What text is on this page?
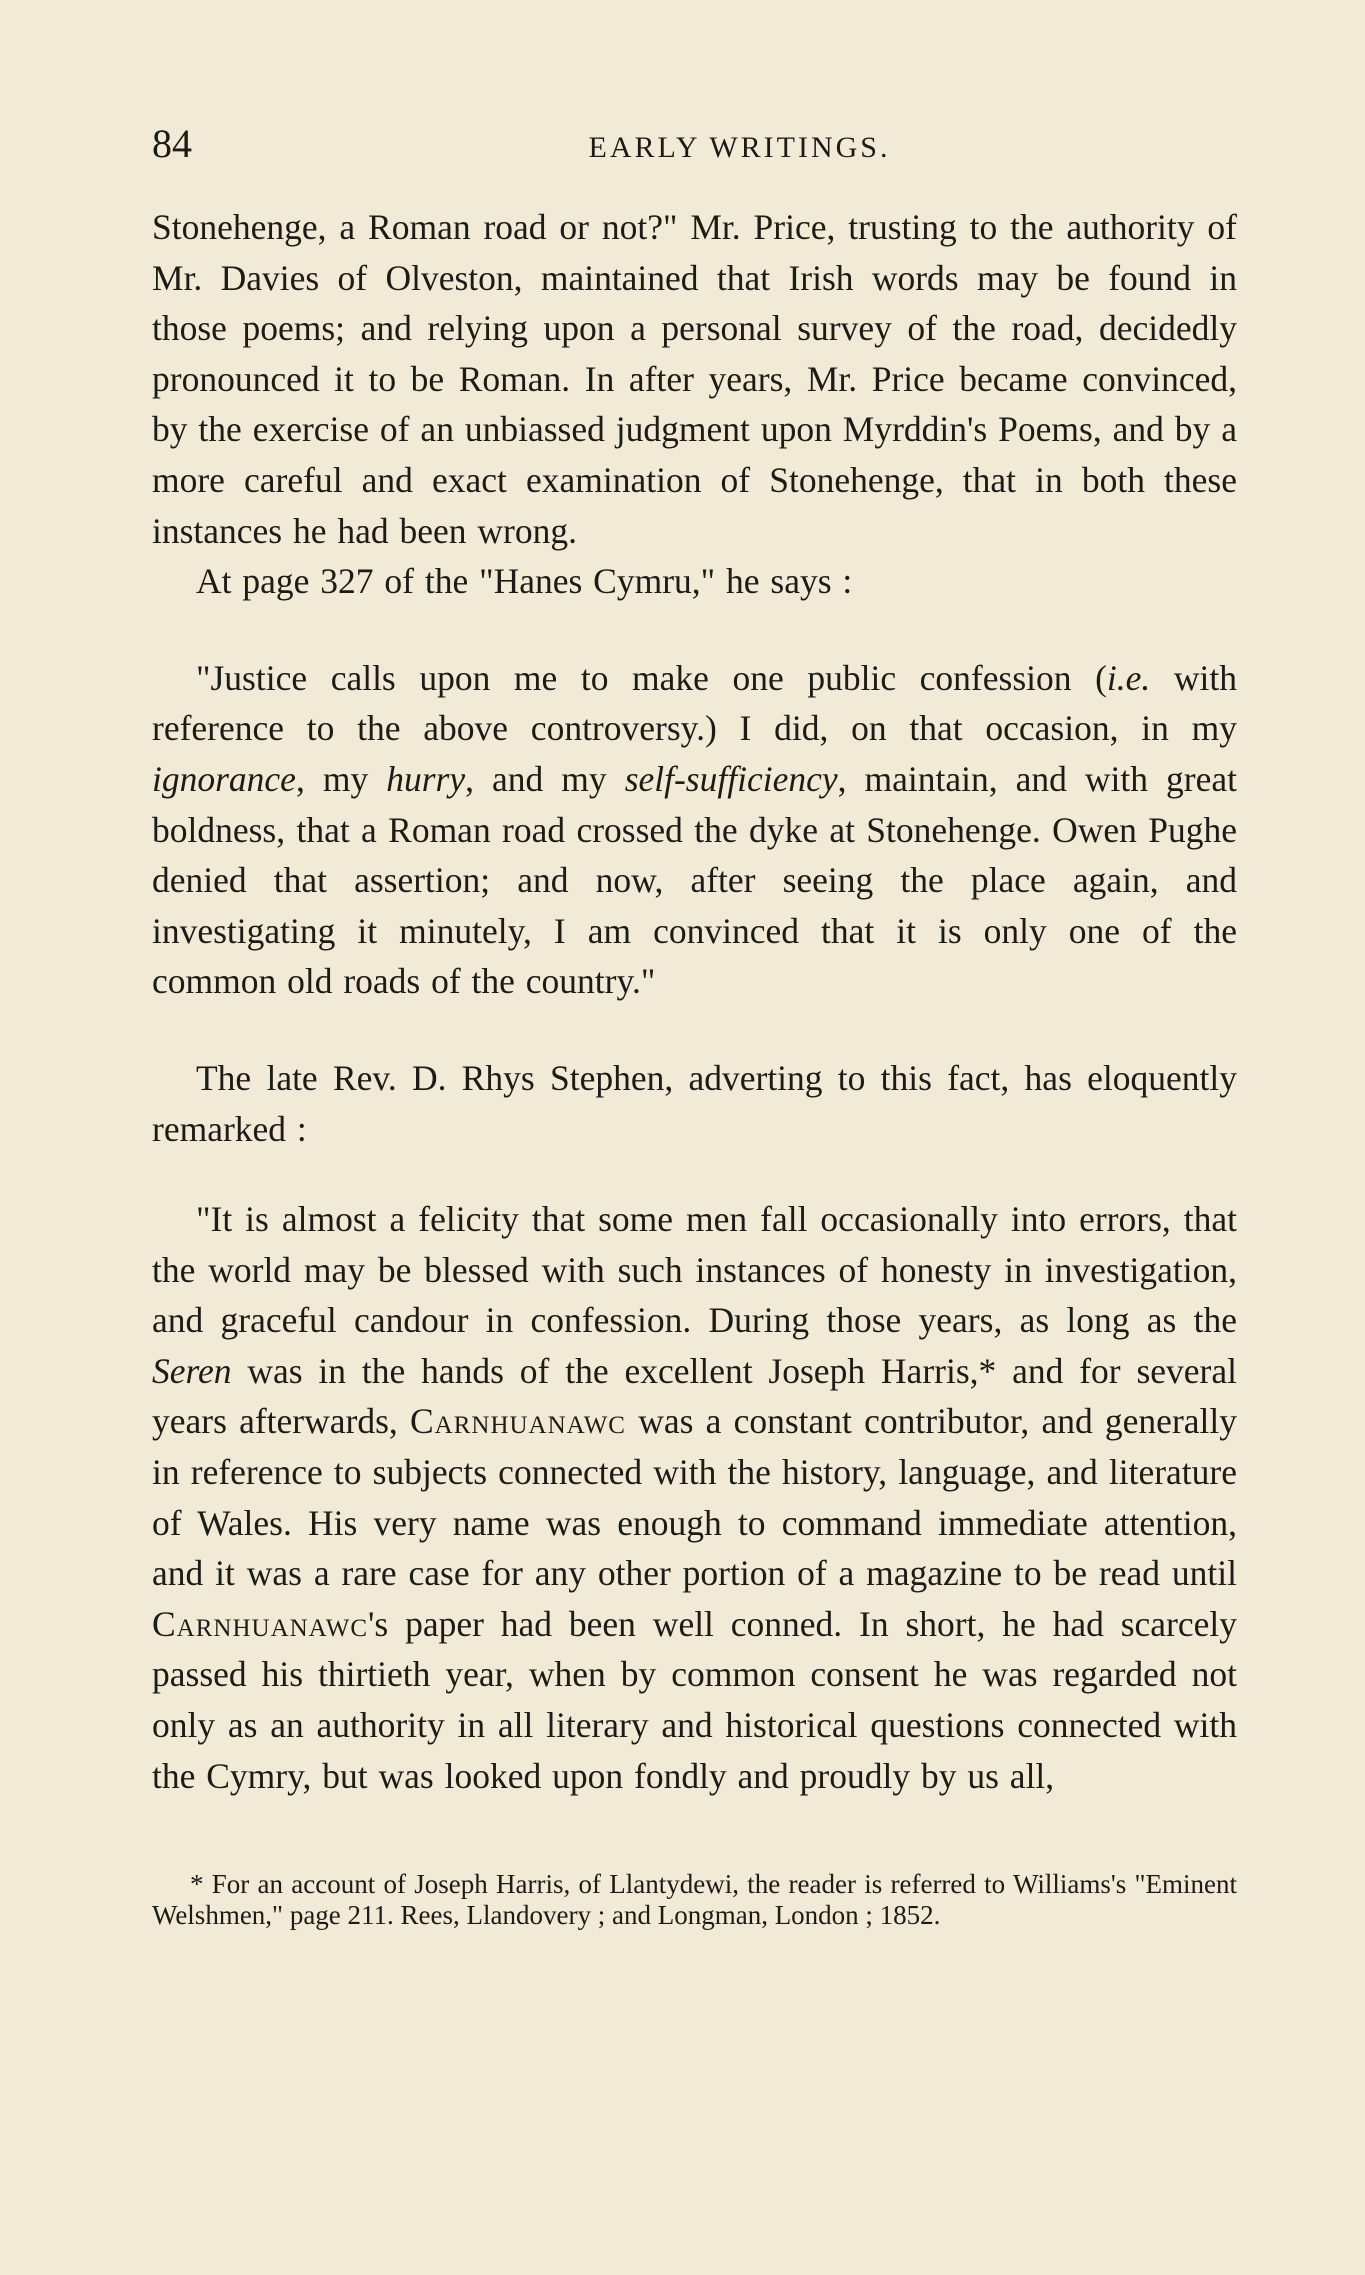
84	EARLY WRITINGS.

Stonehenge, a Roman road or not?" Mr. Price, trusting to the authority of Mr. Davies of Olveston, maintained that Irish words may be found in those poems; and relying upon a personal survey of the road, decidedly pronounced it to be Roman. In after years, Mr. Price became convinced, by the exercise of an unbiassed judgment upon Myrddin's Poems, and by a more careful and exact examination of Stonehenge, that in both these instances he had been wrong.

At page 327 of the "Hanes Cymru," he says :

"Justice calls upon me to make one public confession (i.e. with reference to the above controversy.) I did, on that occasion, in my ignorance, my hurry, and my self-sufficiency, maintain, and with great boldness, that a Roman road crossed the dyke at Stonehenge. Owen Pughe denied that assertion; and now, after seeing the place again, and investigating it minutely, I am convinced that it is only one of the common old roads of the country."

The late Rev. D. Rhys Stephen, adverting to this fact, has eloquently remarked :

"It is almost a felicity that some men fall occasionally into errors, that the world may be blessed with such instances of honesty in investigation, and graceful candour in confession. During those years, as long as the Seren was in the hands of the excellent Joseph Harris,* and for several years afterwards, Carnhuanawc was a constant contributor, and generally in reference to subjects connected with the history, language, and literature of Wales. His very name was enough to command immediate attention, and it was a rare case for any other portion of a magazine to be read until Carnhuanawc's paper had been well conned. In short, he had scarcely passed his thirtieth year, when by common consent he was regarded not only as an authority in all literary and historical questions connected with the Cymry, but was looked upon fondly and proudly by us all,

* For an account of Joseph Harris, of Llantydewi, the reader is referred to Williams's "Eminent Welshmen," page 211. Rees, Llandovery ; and Longman, London ; 1852.
